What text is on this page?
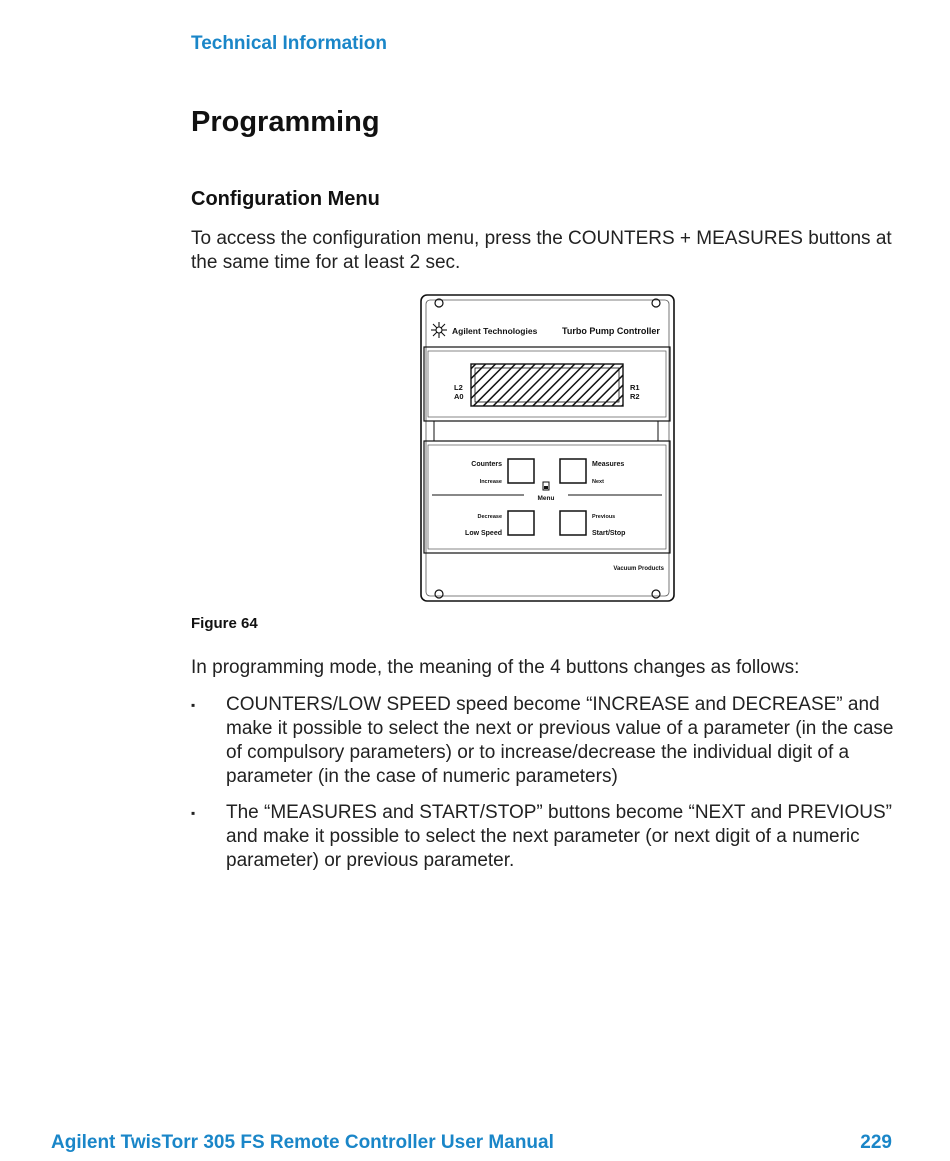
Technical Information
Programming
Configuration Menu
To access the configuration menu, press the COUNTERS + MEASURES buttons at the same time for at least 2 sec.
Agilent Technologies	Turbo Pump Controller
L2
A0
R1
R2
Menu
Counters
Increase
Measures
Next
Decrease
Low Speed
Previous
Start/Stop
Vacuum Products
Figure 64
In programming mode, the meaning of the 4 buttons changes as follows:
▪ COUNTERS/LOW SPEED speed become “INCREASE and DECREASE” and make it possible to select the next or previous value of a parameter (in the case of compulsory parameters) or to increase/decrease the individual digit of a parameter (in the case of numeric parameters)
▪ The “MEASURES and START/STOP” buttons become “NEXT and PREVIOUS” and make it possible to select the next parameter (or next digit of a numeric parameter) or previous parameter.
Agilent TwisTorr 305 FS Remote Controller User Manual	229
